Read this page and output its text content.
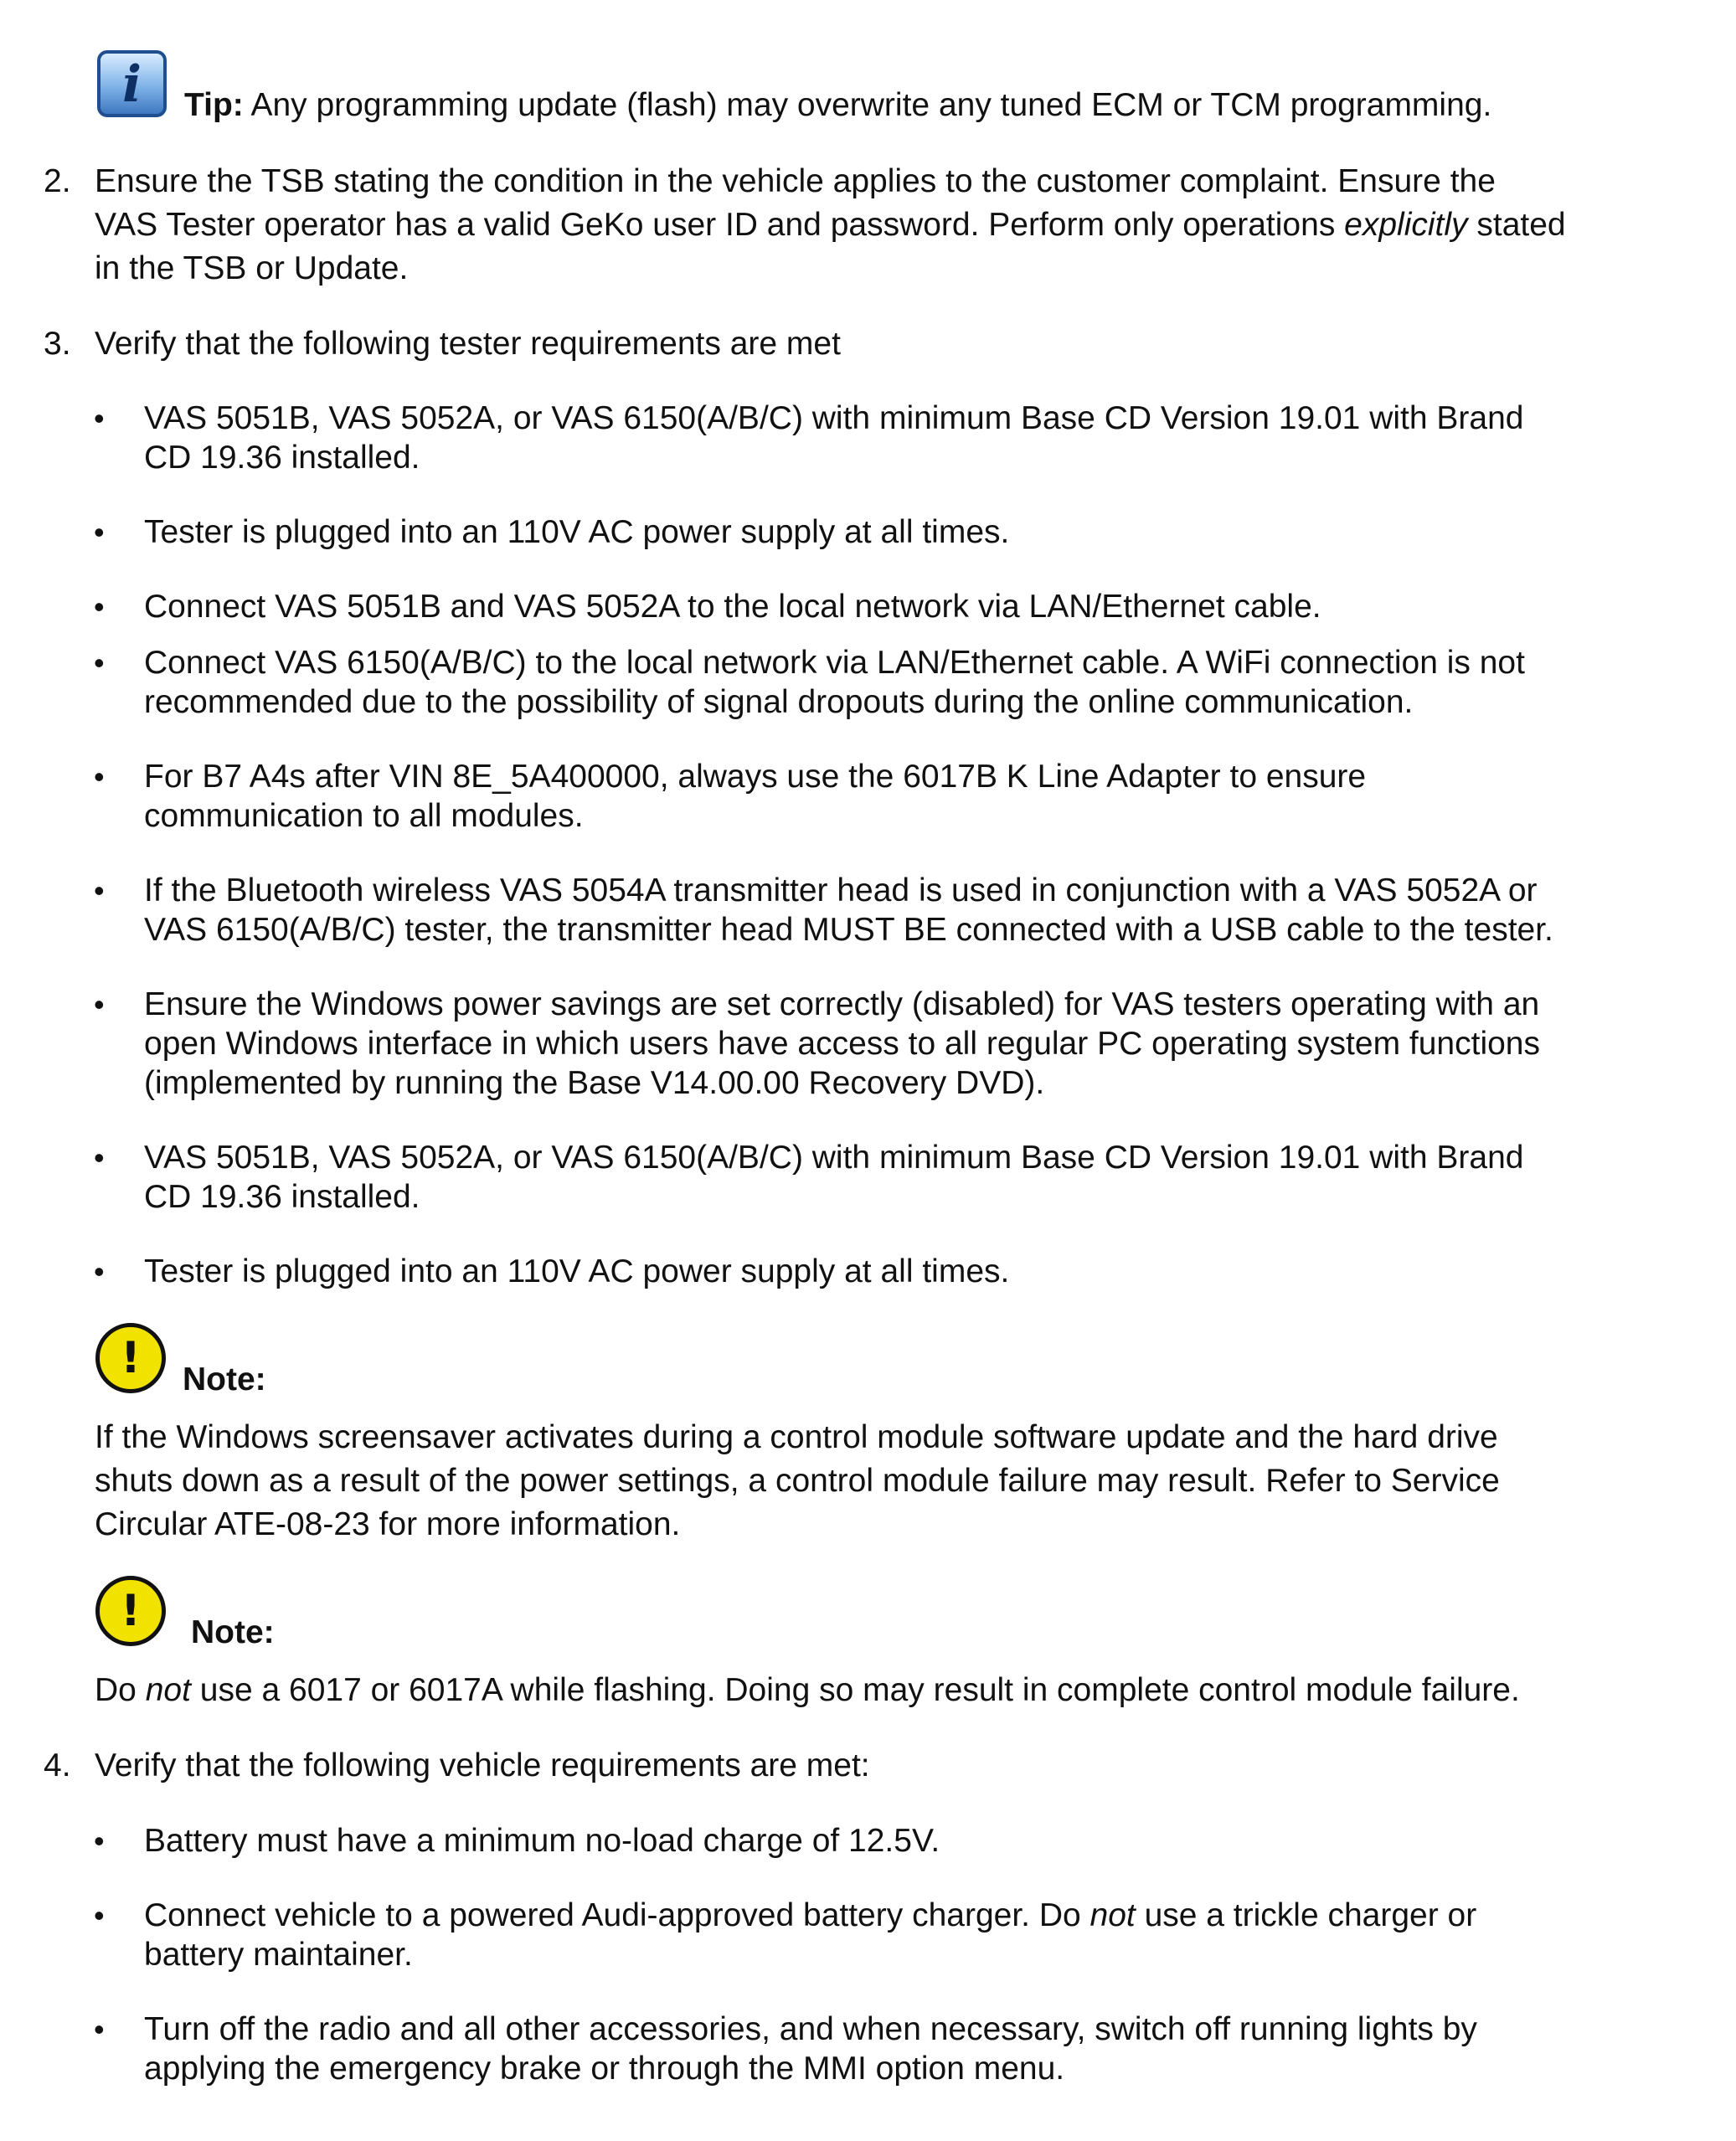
i	Tip: Any programming update (flash) may overwrite any tuned ECM or TCM programming.
2. Ensure the TSB stating the condition in the vehicle applies to the customer complaint. Ensure the
VAS Tester operator has a valid GeKo user ID and password. Perform only operations explicitly stated
in the TSB or Update.
3. Verify that the following tester requirements are met
• VAS 5051B, VAS 5052A, or VAS 6150(A/B/C) with minimum Base CD Version 19.01 with Brand
CD 19.36 installed.
• Tester is plugged into an 110V AC power supply at all times.
• Connect VAS 5051B and VAS 5052A to the local network via LAN/Ethernet cable.
• Connect VAS 6150(A/B/C) to the local network via LAN/Ethernet cable. A WiFi connection is not
recommended due to the possibility of signal dropouts during the online communication.
• For B7 A4s after VIN 8E_5A400000, always use the 6017B K Line Adapter to ensure
communication to all modules.
• If the Bluetooth wireless VAS 5054A transmitter head is used in conjunction with a VAS 5052A or
VAS 6150(A/B/C) tester, the transmitter head MUST BE connected with a USB cable to the tester.
• Ensure the Windows power savings are set correctly (disabled) for VAS testers operating with an
open Windows interface in which users have access to all regular PC operating system functions
(implemented by running the Base V14.00.00 Recovery DVD).
• VAS 5051B, VAS 5052A, or VAS 6150(A/B/C) with minimum Base CD Version 19.01 with Brand
CD 19.36 installed.
• Tester is plugged into an 110V AC power supply at all times.
!	Note:
If the Windows screensaver activates during a control module software update and the hard drive
shuts down as a result of the power settings, a control module failure may result. Refer to Service
Circular ATE-08-23 for more information.
!	Note:
Do not use a 6017 or 6017A while flashing. Doing so may result in complete control module failure.
4. Verify that the following vehicle requirements are met:
• Battery must have a minimum no-load charge of 12.5V.
• Connect vehicle to a powered Audi-approved battery charger. Do not use a trickle charger or
battery maintainer.
• Turn off the radio and all other accessories, and when necessary, switch off running lights by
applying the emergency brake or through the MMI option menu.
